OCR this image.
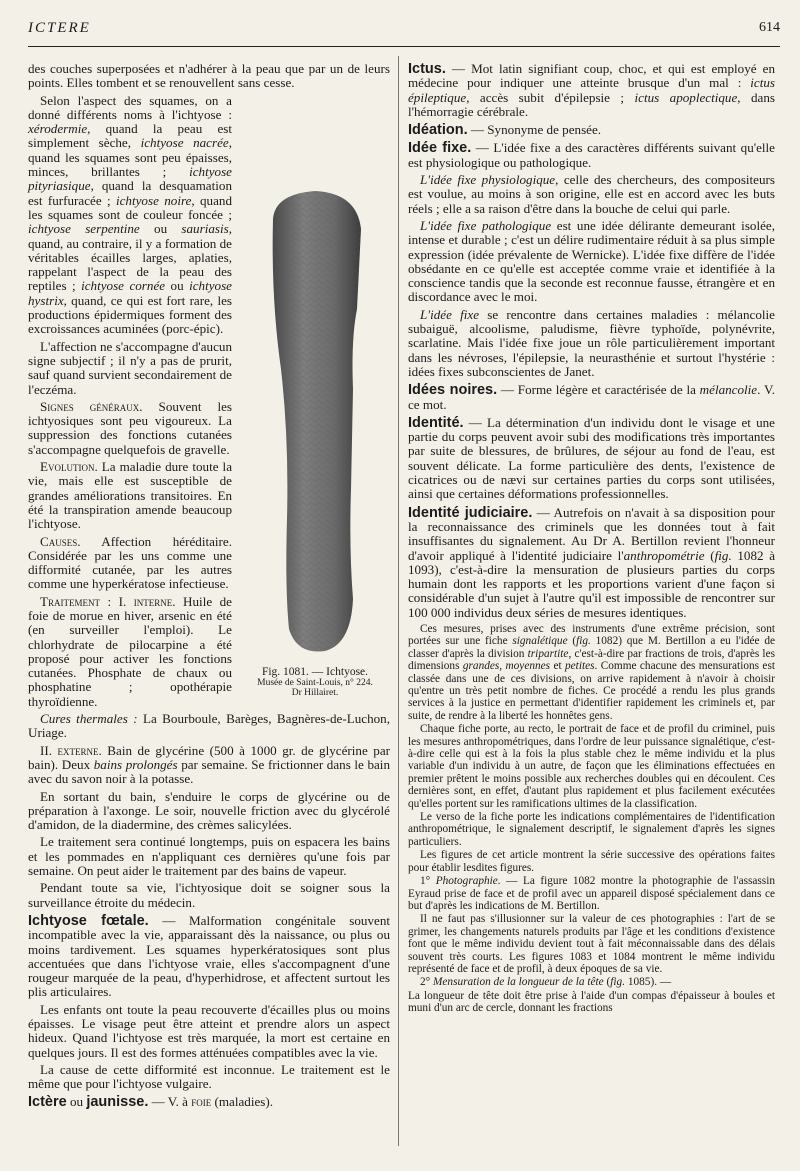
ICTERE	614

des couches superposées et n'adhérer à la peau que par un de leurs points. Elles tombent et se renouvellent sans cesse.

Fig. 1081. — Ichtyose.
Musée de Saint-Louis, n° 224.
Dr Hillairet.

Selon l'aspect des squames, on a donné différents noms à l'ichtyose : xérodermie, quand la peau est simplement sèche, ichtyose nacrée, quand les squames sont peu épaisses, minces, brillantes ; ichtyose pityriasique, quand la desquamation est furfuracée ; ichtyose noire, quand les squames sont de couleur foncée ; ichtyose serpentine ou sauriasis, quand, au contraire, il y a formation de véritables écailles larges, aplaties, rappelant l'aspect de la peau des reptiles ; ichtyose cornée ou ichtyose hystrix, quand, ce qui est fort rare, les productions épidermiques forment des excroissances acuminées (porc-épic).

L'affection ne s'accompagne d'aucun signe subjectif ; il n'y a pas de prurit, sauf quand survient secondairement de l'eczéma.

Signes généraux. Souvent les ichtyosiques sont peu vigoureux. La suppression des fonctions cutanées s'accompagne quelquefois de gravelle.

Evolution. La maladie dure toute la vie, mais elle est susceptible de grandes améliorations transitoires. En été la transpiration amende beaucoup l'ichtyose.

Causes. Affection héréditaire. Considérée par les uns comme une difformité cutanée, par les autres comme une hyperkératose infectieuse.

Traitement : I. interne. Huile de foie de morue en hiver, arsenic en été (en surveiller l'emploi). Le chlorhydrate de pilocarpine a été proposé pour activer les fonctions cutanées. Phosphate de chaux ou phosphatine ; opothérapie thyroïdienne.

Cures thermales : La Bourboule, Barèges, Bagnères-de-Luchon, Uriage.

II. externe. Bain de glycérine (500 à 1000 gr. de glycérine par bain). Deux bains prolongés par semaine. Se frictionner dans le bain avec du savon noir à la potasse.

En sortant du bain, s'enduire le corps de glycérine ou de préparation à l'axonge. Le soir, nouvelle friction avec du glycérolé d'amidon, de la diadermine, des crèmes salicylées.

Le traitement sera continué longtemps, puis on espacera les bains et les pommades en n'appliquant ces dernières qu'une fois par semaine. On peut aider le traitement par des bains de vapeur.

Pendant toute sa vie, l'ichtyosique doit se soigner sous la surveillance étroite du médecin.

Ichtyose fœtale. — Malformation congénitale souvent incompatible avec la vie, apparaissant dès la naissance, ou plus ou moins tardivement. Les squames hyperkératosiques sont plus accentuées que dans l'ichtyose vraie, elles s'accompagnent d'une rougeur marquée de la peau, d'hyperhidrose, et affectent surtout les plis articulaires.

Les enfants ont toute la peau recouverte d'écailles plus ou moins épaisses. Le visage peut être atteint et prendre alors un aspect hideux. Quand l'ichtyose est très marquée, la mort est certaine en quelques jours. Il est des formes atténuées compatibles avec la vie.

La cause de cette difformité est inconnue. Le traitement est le même que pour l'ichtyose vulgaire.

Ictère ou jaunisse. — V. à foie (maladies).

Ictus. — Mot latin signifiant coup, choc, et qui est employé en médecine pour indiquer une atteinte brusque d'un mal : ictus épileptique, accès subit d'épilepsie ; ictus apoplectique, dans l'hémorragie cérébrale.

Idéation. — Synonyme de pensée.

Idée fixe. — L'idée fixe a des caractères différents suivant qu'elle est physiologique ou pathologique.

L'idée fixe physiologique, celle des chercheurs, des compositeurs est voulue, au moins à son origine, elle est en accord avec les buts réels ; elle a sa raison d'être dans la bouche de celui qui parle.

L'idée fixe pathologique est une idée délirante demeurant isolée, intense et durable ; c'est un délire rudimentaire réduit à sa plus simple expression (idée prévalente de Wernicke). L'idée fixe diffère de l'idée obsédante en ce qu'elle est acceptée comme vraie et identifiée à la conscience tandis que la seconde est reconnue fausse, étrangère et en discordance avec le moi.

L'idée fixe se rencontre dans certaines maladies : mélancolie subaiguë, alcoolisme, paludisme, fièvre typhoïde, polynévrite, scarlatine. Mais l'idée fixe joue un rôle particulièrement important dans les névroses, l'épilepsie, la neurasthénie et surtout l'hystérie : idées fixes subconscientes de Janet.

Idées noires. — Forme légère et caractérisée de la mélancolie. V. ce mot.

Identité. — La détermination d'un individu dont le visage et une partie du corps peuvent avoir subi des modifications très importantes par suite de blessures, de brûlures, de séjour au fond de l'eau, est souvent délicate. La forme particulière des dents, l'existence de cicatrices ou de nævi sur certaines parties du corps sont utilisées, ainsi que certaines déformations professionnelles.

Identité judiciaire. — Autrefois on n'avait à sa disposition pour la reconnaissance des criminels que les données tout à fait insuffisantes du signalement. Au Dr A. Bertillon revient l'honneur d'avoir appliqué à l'identité judiciaire l'anthropométrie (fig. 1082 à 1093), c'est-à-dire la mensuration de plusieurs parties du corps humain dont les rapports et les proportions varient d'une façon si considérable d'un sujet à l'autre qu'il est impossible de rencontrer sur 100 000 individus deux séries de mesures identiques.

Ces mesures, prises avec des instruments d'une extrême précision, sont portées sur une fiche signalétique (fig. 1082) que M. Bertillon a eu l'idée de classer d'après la division tripartite, c'est-à-dire par fractions de trois, d'après les dimensions grandes, moyennes et petites. Comme chacune des mensurations est classée dans une de ces divisions, on arrive rapidement à n'avoir à choisir qu'entre un très petit nombre de fiches. Ce procédé a rendu les plus grands services à la justice en permettant d'identifier rapidement les criminels et, par suite, de rendre à la liberté les honnêtes gens.

Chaque fiche porte, au recto, le portrait de face et de profil du criminel, puis les mesures anthropométriques, dans l'ordre de leur puissance signalétique, c'est-à-dire celle qui est à la fois la plus stable chez le même individu et la plus variable d'un individu à un autre, de façon que les éliminations effectuées en premier prêtent le moins possible aux recherches doubles qui en découlent. Ces dernières sont, en effet, d'autant plus rapidement et plus facilement exécutées qu'elles portent sur les ramifications ultimes de la classification.

Le verso de la fiche porte les indications complémentaires de l'identification anthropométrique, le signalement descriptif, le signalement d'après les signes particuliers.

Les figures de cet article montrent la série successive des opérations faites pour établir lesdites figures.

1° Photographie. — La figure 1082 montre la photographie de l'assassin Eyraud prise de face et de profil avec un appareil disposé spécialement dans ce but d'après les indications de M. Bertillon.

Il ne faut pas s'illusionner sur la valeur de ces photographies : l'art de se grimer, les changements naturels produits par l'âge et les conditions d'existence font que le même individu devient tout à fait méconnaissable dans des délais souvent très courts. Les figures 1083 et 1084 montrent le même individu représenté de face et de profil, à deux époques de sa vie.

2° Mensuration de la longueur de la tête (fig. 1085). —

La longueur de tête doit être prise à l'aide d'un compas d'épaisseur à boules et muni d'un arc de cercle, donnant les fractions
